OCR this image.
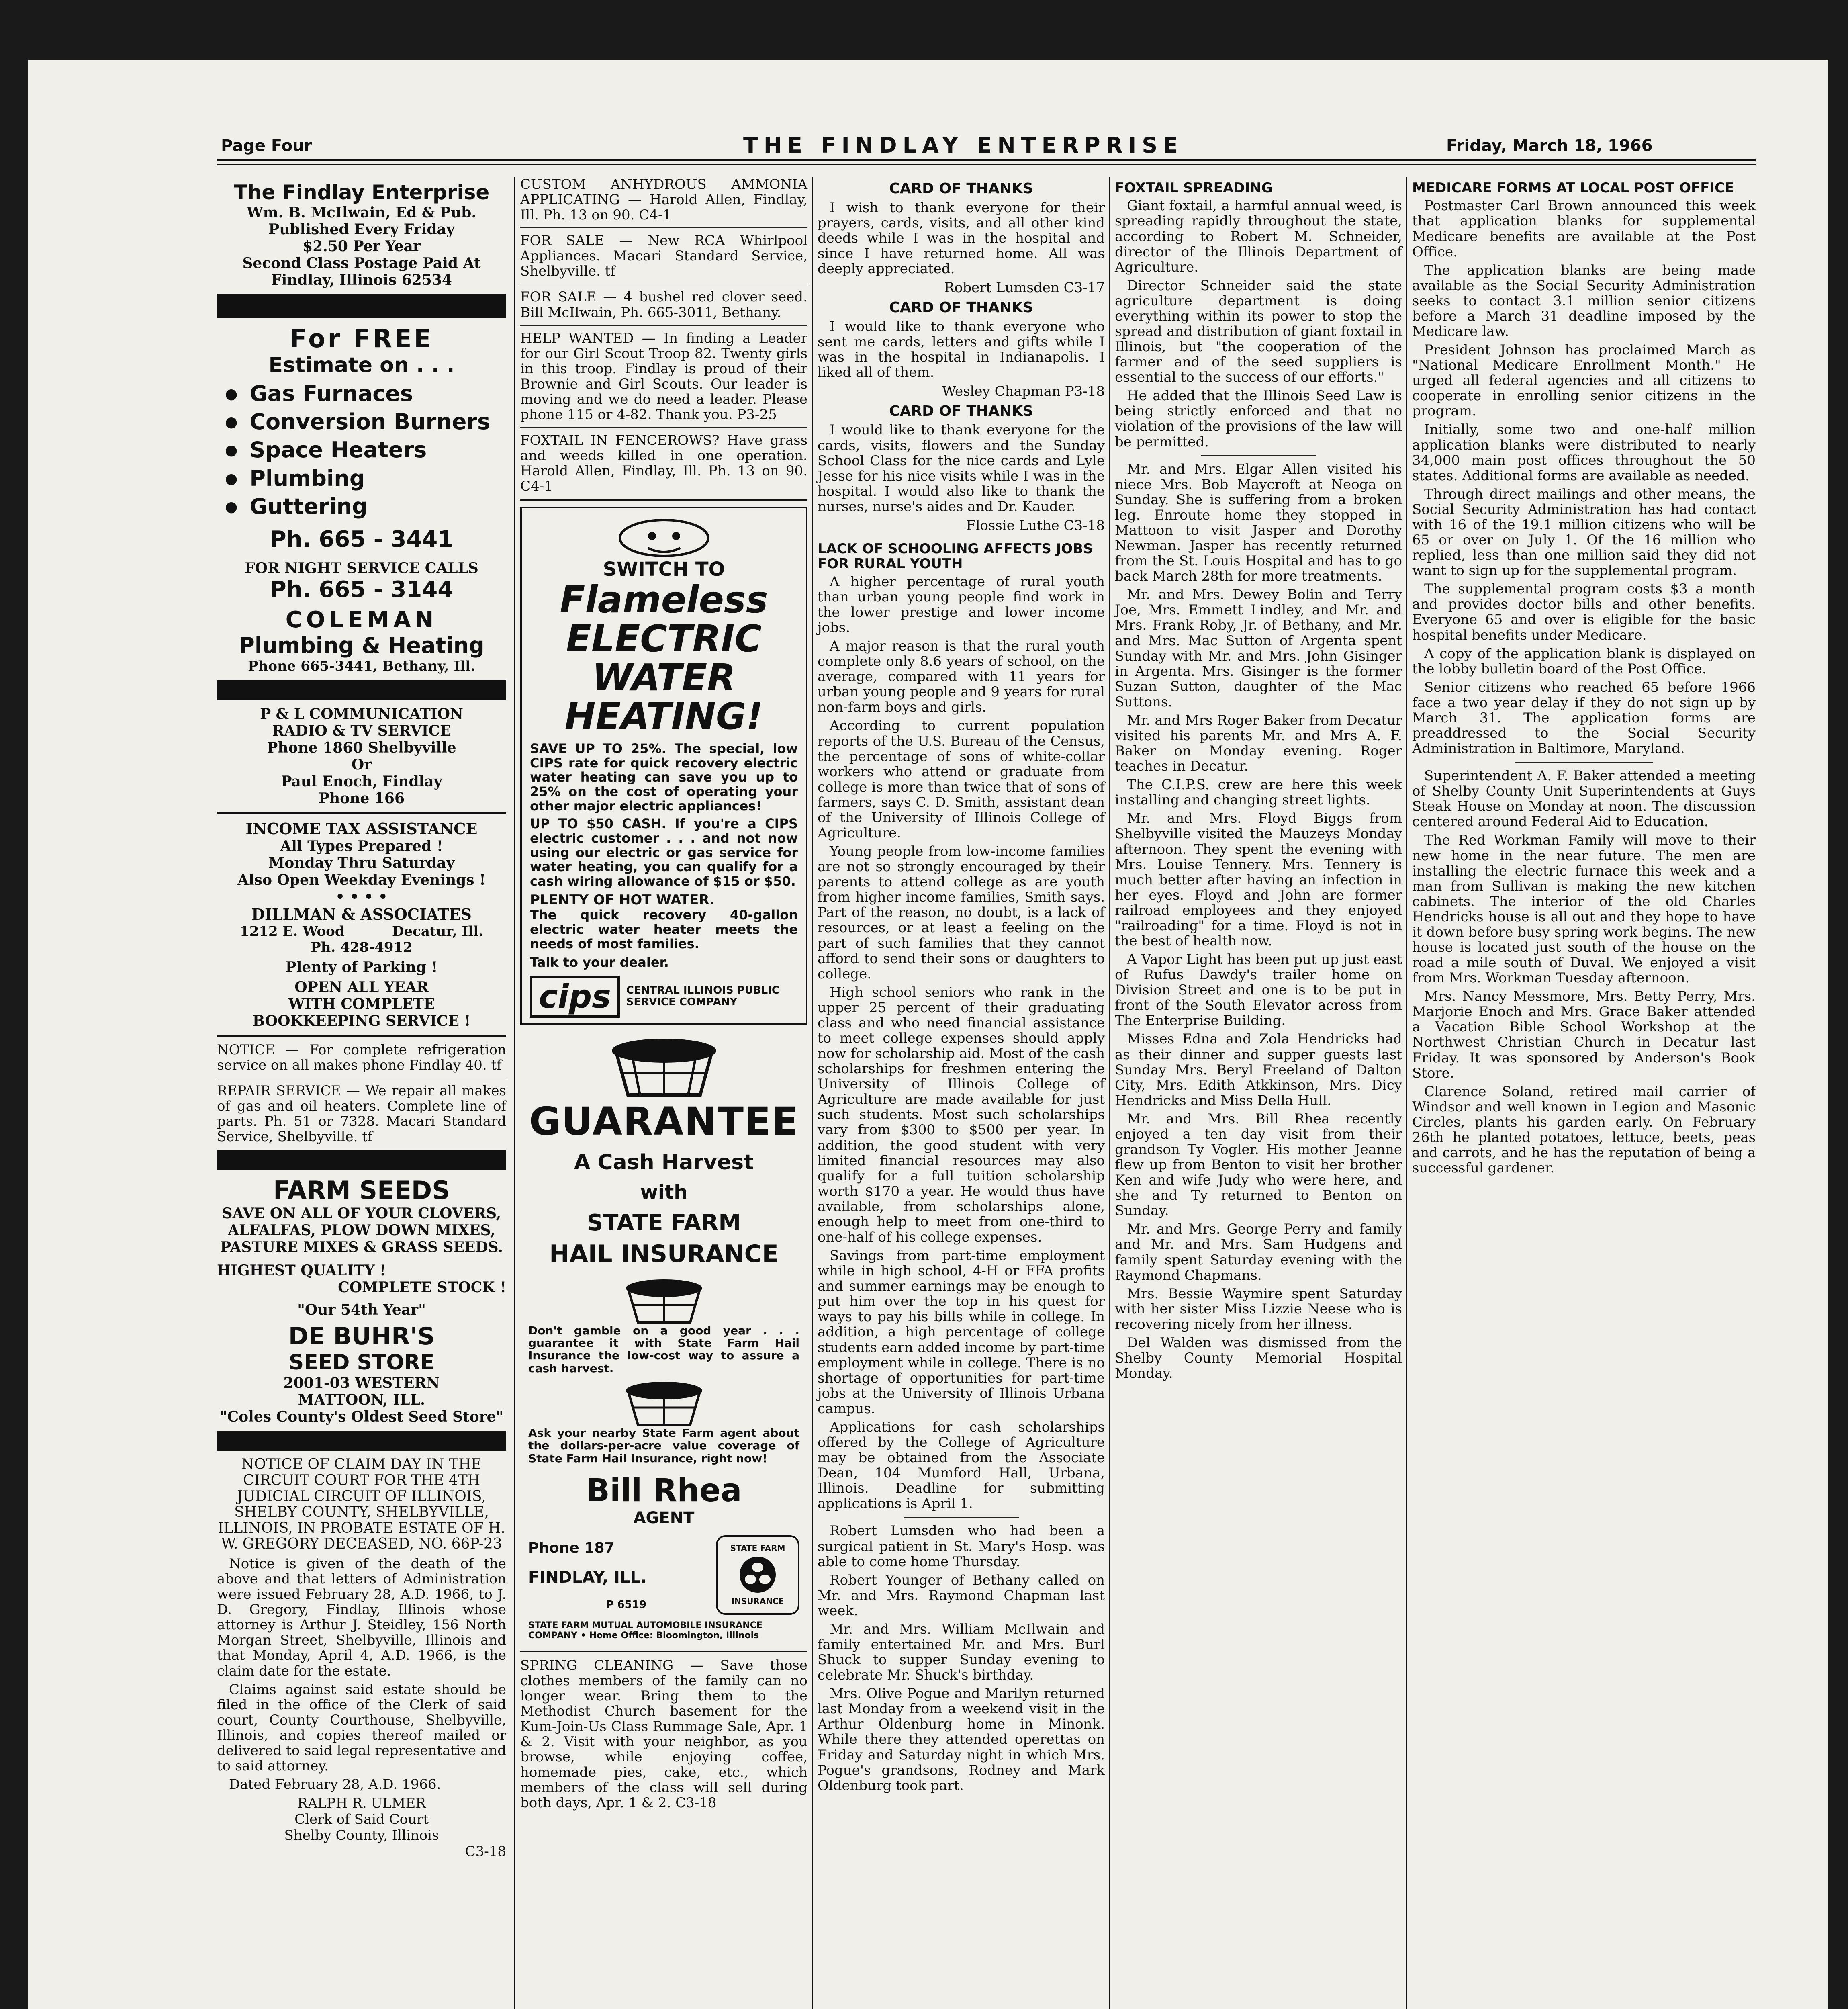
Page Four	THE FINDLAY ENTERPRISE	Friday, March 18, 1966
The Findlay Enterprise
Wm. B. McIlwain, Ed & Pub.
Published Every Friday
$2.50 Per Year
Second Class Postage Paid At Findlay, Illinois 62534
For FREE
Estimate on . . .
● Gas Furnaces
● Conversion Burners
● Space Heaters
● Plumbing
● Guttering
Ph. 665 - 3441
FOR NIGHT SERVICE CALLS
Ph. 665 - 3144
COLEMAN
Plumbing & Heating
Phone 665-3441, Bethany, Ill.
P & L COMMUNICATION
RADIO & TV SERVICE
Phone 1860 Shelbyville
Or
Paul Enoch, Findlay
Phone 166
INCOME TAX ASSISTANCE
All Types Prepared !
Monday Thru Saturday
Also Open Weekday Evenings !
• • • •
DILLMAN & ASSOCIATES
1212 E. Wood          Decatur, Ill.
Ph. 428-4912
Plenty of Parking !
OPEN ALL YEAR
WITH COMPLETE
BOOKKEEPING SERVICE !

NOTICE — For complete refrigeration service on all makes phone Findlay 40. tf

REPAIR SERVICE — We repair all makes of gas and oil heaters. Complete line of parts. Ph. 51 or 7328. Macari Standard Service, Shelbyville. tf

FARM SEEDS
SAVE ON ALL OF YOUR CLOVERS, ALFALFAS, PLOW DOWN MIXES, PASTURE MIXES & GRASS SEEDS.
HIGHEST QUALITY !
COMPLETE STOCK !
"Our 54th Year"
DE BUHR'S
SEED STORE
2001-03 WESTERN
MATTOON, ILL.
"Coles County's Oldest Seed Store"
NOTICE OF CLAIM DAY IN THE CIRCUIT COURT FOR THE 4TH JUDICIAL CIRCUIT OF ILLINOIS, SHELBY COUNTY, SHELBYVILLE, ILLINOIS, IN PROBATE ESTATE OF H. W. GREGORY DECEASED, NO. 66P-23

Notice is given of the death of the above and that letters of Administration were issued February 28, A.D. 1966, to J. D. Gregory, Findlay, Illinois whose attorney is Arthur J. Steidley, 156 North Morgan Street, Shelbyville, Illinois and that Monday, April 4, A.D. 1966, is the claim date for the estate.

Claims against said estate should be filed in the office of the Clerk of said court, County Courthouse, Shelbyville, Illinois, and copies thereof mailed or delivered to said legal representative and to said attorney.

Dated February 28, A.D. 1966.

RALPH R. ULMER
Clerk of Said Court
Shelby County, Illinois
C3-18

CUSTOM ANHYDROUS AMMONIA APPLICATING — Harold Allen, Findlay, Ill. Ph. 13 on 90. C4-1

FOR SALE — New RCA Whirlpool Appliances. Macari Standard Service, Shelbyville. tf

FOR SALE — 4 bushel red clover seed. Bill McIlwain, Ph. 665-3011, Bethany.

HELP WANTED — In finding a Leader for our Girl Scout Troop 82. Twenty girls in this troop. Findlay is proud of their Brownie and Girl Scouts. Our leader is moving and we do need a leader. Please phone 115 or 4-82. Thank you. P3-25

FOXTAIL IN FENCEROWS? Have grass and weeds killed in one operation. Harold Allen, Findlay, Ill. Ph. 13 on 90. C4-1

SWITCH TO
Flameless
ELECTRIC
WATER
HEATING!

SAVE UP TO 25%. The special, low CIPS rate for quick recovery electric water heating can save you up to 25% on the cost of operating your other major electric appliances!

UP TO $50 CASH. If you're a CIPS electric customer . . . and not now using our electric or gas service for water heating, you can qualify for a cash wiring allowance of $15 or $50.

PLENTY OF HOT WATER.

The quick recovery 40-gallon electric water heater meets the needs of most families.

Talk to your dealer.
cips	CENTRAL ILLINOIS PUBLIC SERVICE COMPANY
GUARANTEE
A Cash Harvest
with
STATE FARM
HAIL INSURANCE

Don't gamble on a good year . . . guarantee it with State Farm Hail Insurance the low-cost way to assure a cash harvest.

Ask your nearby State Farm agent about the dollars-per-acre value coverage of State Farm Hail Insurance, right now!

Bill Rhea
AGENT
Phone 187
FINDLAY, ILL.
P 6519
STATE FARM
INSURANCE
STATE FARM MUTUAL AUTOMOBILE INSURANCE COMPANY • Home Office: Bloomington, Illinois

SPRING CLEANING — Save those clothes members of the family can no longer wear. Bring them to the Methodist Church basement for the Kum-Join-Us Class Rummage Sale, Apr. 1 & 2. Visit with your neighbor, as you browse, while enjoying coffee, homemade pies, cake, etc., which members of the class will sell during both days, Apr. 1 & 2. C3-18

CARD OF THANKS

I wish to thank everyone for their prayers, cards, visits, and all other kind deeds while I was in the hospital and since I have returned home. All was deeply appreciated.

Robert Lumsden C3-17
CARD OF THANKS

I would like to thank everyone who sent me cards, letters and gifts while I was in the hospital in Indianapolis. I liked all of them.

Wesley Chapman P3-18
CARD OF THANKS

I would like to thank everyone for the cards, visits, flowers and the Sunday School Class for the nice cards and Lyle Jesse for his nice visits while I was in the hospital. I would also like to thank the nurses, nurse's aides and Dr. Kauder.

Flossie Luthe C3-18
LACK OF SCHOOLING AFFECTS JOBS FOR RURAL YOUTH

A higher percentage of rural youth than urban young people find work in the lower prestige and lower income jobs.

A major reason is that the rural youth complete only 8.6 years of school, on the average, compared with 11 years for urban young people and 9 years for rural non-farm boys and girls.

According to current population reports of the U.S. Bureau of the Census, the percentage of sons of white-collar workers who attend or graduate from college is more than twice that of sons of farmers, says C. D. Smith, assistant dean of the University of Illinois College of Agriculture.

Young people from low-income families are not so strongly encouraged by their parents to attend college as are youth from higher income families, Smith says. Part of the reason, no doubt, is a lack of resources, or at least a feeling on the part of such families that they cannot afford to send their sons or daughters to college.

High school seniors who rank in the upper 25 percent of their graduating class and who need financial assistance to meet college expenses should apply now for scholarship aid. Most of the cash scholarships for freshmen entering the University of Illinois College of Agriculture are made available for just such students. Most such scholarships vary from $300 to $500 per year. In addition, the good student with very limited financial resources may also qualify for a full tuition scholarship worth $170 a year. He would thus have available, from scholarships alone, enough help to meet from one-third to one-half of his college expenses.

Savings from part-time employment while in high school, 4-H or FFA profits and summer earnings may be enough to put him over the top in his quest for ways to pay his bills while in college. In addition, a high percentage of college students earn added income by part-time employment while in college. There is no shortage of opportunities for part-time jobs at the University of Illinois Urbana campus.

Applications for cash scholarships offered by the College of Agriculture may be obtained from the Associate Dean, 104 Mumford Hall, Urbana, Illinois. Deadline for submitting applications is April 1.

Robert Lumsden who had been a surgical patient in St. Mary's Hosp. was able to come home Thursday.

Robert Younger of Bethany called on Mr. and Mrs. Raymond Chapman last week.

Mr. and Mrs. William McIlwain and family entertained Mr. and Mrs. Burl Shuck to supper Sunday evening to celebrate Mr. Shuck's birthday.

Mrs. Olive Pogue and Marilyn returned last Monday from a weekend visit in the Arthur Oldenburg home in Minonk. While there they attended operettas on Friday and Saturday night in which Mrs. Pogue's grandsons, Rodney and Mark Oldenburg took part.

FOXTAIL SPREADING

Giant foxtail, a harmful annual weed, is spreading rapidly throughout the state, according to Robert M. Schneider, director of the Illinois Department of Agriculture.

Director Schneider said the state agriculture department is doing everything within its power to stop the spread and distribution of giant foxtail in Illinois, but "the cooperation of the farmer and of the seed suppliers is essential to the success of our efforts."

He added that the Illinois Seed Law is being strictly enforced and that no violation of the provisions of the law will be permitted.

Mr. and Mrs. Elgar Allen visited his niece Mrs. Bob Maycroft at Neoga on Sunday. She is suffering from a broken leg. Enroute home they stopped in Mattoon to visit Jasper and Dorothy Newman. Jasper has recently returned from the St. Louis Hospital and has to go back March 28th for more treatments.

Mr. and Mrs. Dewey Bolin and Terry Joe, Mrs. Emmett Lindley, and Mr. and Mrs. Frank Roby, Jr. of Bethany, and Mr. and Mrs. Mac Sutton of Argenta spent Sunday with Mr. and Mrs. John Gisinger in Argenta. Mrs. Gisinger is the former Suzan Sutton, daughter of the Mac Suttons.

Mr. and Mrs Roger Baker from Decatur visited his parents Mr. and Mrs A. F. Baker on Monday evening. Roger teaches in Decatur.

The C.I.P.S. crew are here this week installing and changing street lights.

Mr. and Mrs. Floyd Biggs from Shelbyville visited the Mauzeys Monday afternoon. They spent the evening with Mrs. Louise Tennery. Mrs. Tennery is much better after having an infection in her eyes. Floyd and John are former railroad employees and they enjoyed "railroading" for a time. Floyd is not in the best of health now.

A Vapor Light has been put up just east of Rufus Dawdy's trailer home on Division Street and one is to be put in front of the South Elevator across from The Enterprise Building.

Misses Edna and Zola Hendricks had as their dinner and supper guests last Sunday Mrs. Beryl Freeland of Dalton City, Mrs. Edith Atkkinson, Mrs. Dicy Hendricks and Miss Della Hull.

Mr. and Mrs. Bill Rhea recently enjoyed a ten day visit from their grandson Ty Vogler. His mother Jeanne flew up from Benton to visit her brother Ken and wife Judy who were here, and she and Ty returned to Benton on Sunday.

Mr. and Mrs. George Perry and family and Mr. and Mrs. Sam Hudgens and family spent Saturday evening with the Raymond Chapmans.

Mrs. Bessie Waymire spent Saturday with her sister Miss Lizzie Neese who is recovering nicely from her illness.

Del Walden was dismissed from the Shelby County Memorial Hospital Monday.

MEDICARE FORMS AT LOCAL POST OFFICE

Postmaster Carl Brown announced this week that application blanks for supplemental Medicare benefits are available at the Post Office.

The application blanks are being made available as the Social Security Administration seeks to contact 3.1 million senior citizens before a March 31 deadline imposed by the Medicare law.

President Johnson has proclaimed March as "National Medicare Enrollment Month." He urged all federal agencies and all citizens to cooperate in enrolling senior citizens in the program.

Initially, some two and one-half million application blanks were distributed to nearly 34,000 main post offices throughout the 50 states. Additional forms are available as needed.

Through direct mailings and other means, the Social Security Administration has had contact with 16 of the 19.1 million citizens who will be 65 or over on July 1. Of the 16 million who replied, less than one million said they did not want to sign up for the supplemental program.

The supplemental program costs $3 a month and provides doctor bills and other benefits. Everyone 65 and over is eligible for the basic hospital benefits under Medicare.

A copy of the application blank is displayed on the lobby bulletin board of the Post Office.

Senior citizens who reached 65 before 1966 face a two year delay if they do not sign up by March 31. The application forms are preaddressed to the Social Security Administration in Baltimore, Maryland.

Superintendent A. F. Baker attended a meeting of Shelby County Unit Superintendents at Guys Steak House on Monday at noon. The discussion centered around Federal Aid to Education.

The Red Workman Family will move to their new home in the near future. The men are installing the electric furnace this week and a man from Sullivan is making the new kitchen cabinets. The interior of the old Charles Hendricks house is all out and they hope to have it down before busy spring work begins. The new house is located just south of the house on the road a mile south of Duval. We enjoyed a visit from Mrs. Workman Tuesday afternoon.

Mrs. Nancy Messmore, Mrs. Betty Perry, Mrs. Marjorie Enoch and Mrs. Grace Baker attended a Vacation Bible School Workshop at the Northwest Christian Church in Decatur last Friday. It was sponsored by Anderson's Book Store.

Clarence Soland, retired mail carrier of Windsor and well known in Legion and Masonic Circles, plants his garden early. On February 26th he planted potatoes, lettuce, beets, peas and carrots, and he has the reputation of being a successful gardener.
